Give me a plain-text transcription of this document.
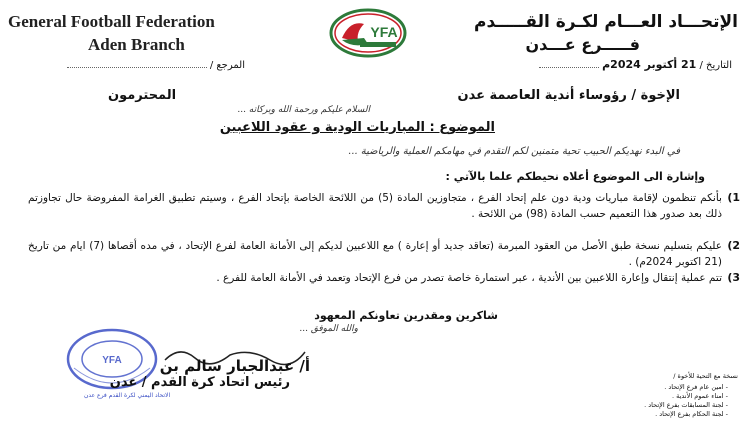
General Football Federation
Aden Branch
الإتحـــاد العـــام لكـرة القـــــدم
فـــــرع عـــدن
YFA
التاريخ / 21 أكتوبر 2024م
المرجع /
الإخوة / رؤوساء أندية العاصمة عدن
المحترمون
السلام عليكم ورحمة الله وبركاته ...
الموضوع : المباريات الودية و عقود اللاعبين
في البدء نهديكم الحبيب تحية متمنين لكم التقدم في مهامكم العملية والرياضية ...
وإشارة الى الموضوع أعلاه نحيطكم علما بالآتي :
1)
بأنكم تنظمون لإقامة مباريات ودية دون علم إتحاد الفرع ، متجاوزين المادة (5) من اللائحة الخاصة بإتحاد الفرع ، وسيتم تطبيق الغرامة المفروضة حال تجاوزتم ذلك بعد صدور هذا التعميم حسب المادة (98) من اللائحة .
2)
عليكم بتسليم نسخة طبق الأصل من العقود المبرمة (تعاقد جديد أو إعارة ) مع اللاعبين لديكم إلى الأمانة العامة لفرع الإتحاد ، في مده أقصاها (7) ايام من تاريخ (21 اكتوبر 2024م) .
3)
تتم عملية إنتقال وإعارة اللاعبين بين الأندية ، عبر استمارة خاصة تصدر من فرع الإتحاد وتعمد في الأمانة العامة للفرع .
شاكرين ومقدرين تعاونكم المعهود
والله الموفق ...
YFA	أ/ عبدالجبار سالم بن
رئيس اتحاد كرة القدم / عدن
الاتحاد اليمني لكرة القدم فرع عدن
نسخة مع التحية للأخوة /
- امين عام فرع الإتحاد .
- امناء عموم الأندية .
- لجنة المسابقات بفرع الإتحاد .
- لجنة الحكام بفرع الإتحاد .
